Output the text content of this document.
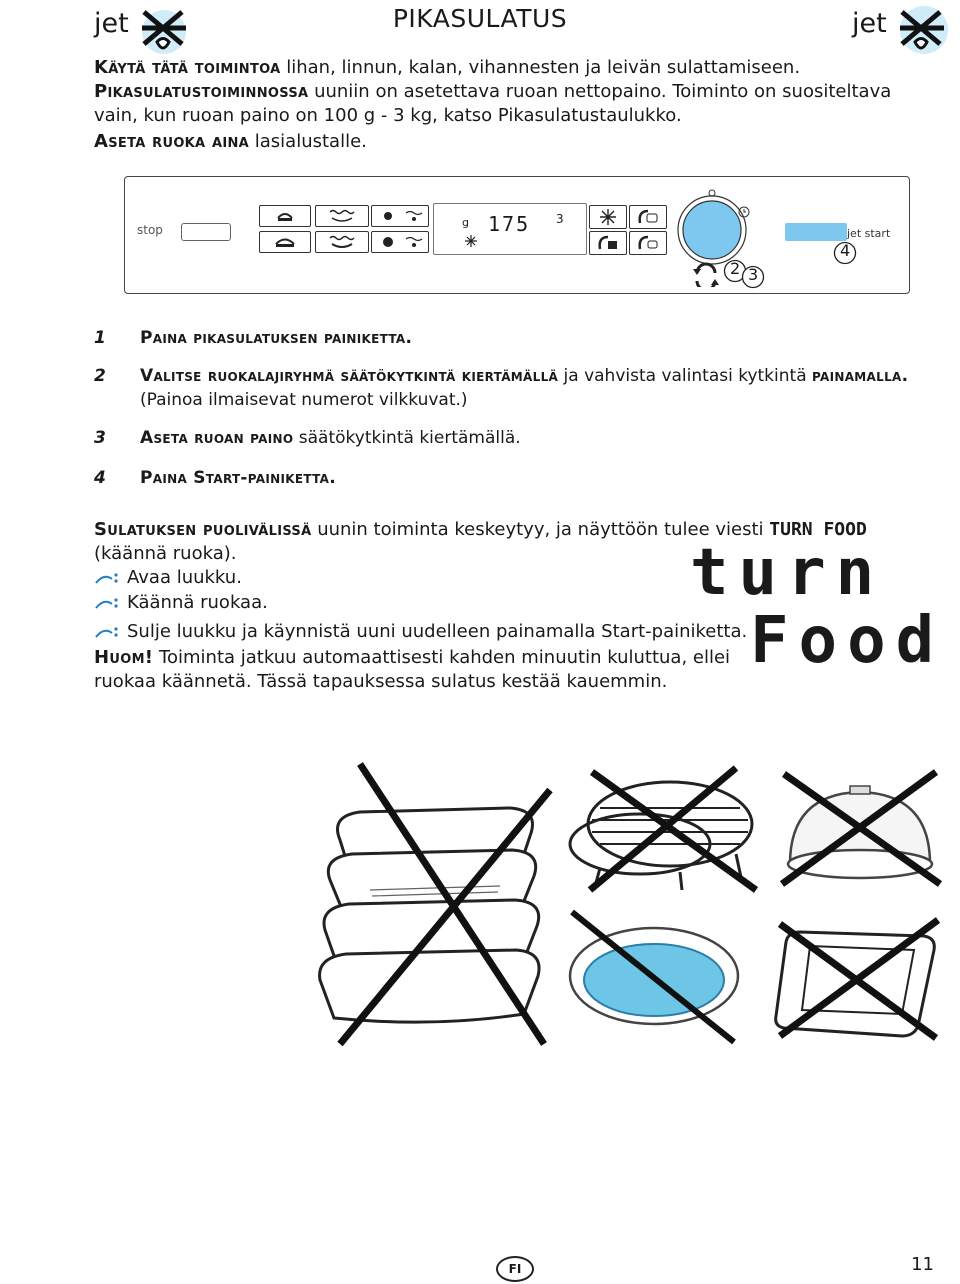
jet	PIKASULATUS	jet
Käytä tätä toimintoa lihan, linnun, kalan, vihannesten ja leivän sulattamiseen.
Pikasulatustoiminnossa uuniin on asetettava ruoan nettopaino. Toiminto on suositeltava vain, kun ruoan paino on 100 g - 3 kg, katso Pikasulatustaulukko.
Aseta ruoka aina lasialustalle.
stop
g 175 3
jet start
2 3
4
1	Paina pikasulatuksen painiketta.
2	Valitse ruokalajiryhmä säätökytkintä kiertämällä ja vahvista valintasi kytkintä painamalla. (Painoa ilmaisevat numerot vilkkuvat.)
3	Aseta ruoan paino säätökytkintä kiertämällä.
4	Paina Start-painiketta.
Sulatuksen puolivälissä uunin toiminta keskeytyy, ja näyttöön tulee viesti TURN FOOD (käännä ruoka).
Avaa luukku.
Käännä ruokaa.
Sulje luukku ja käynnistä uuni uudelleen painamalla Start-painiketta.
Huom! Toiminta jatkuu automaattisesti kahden minuutin kuluttua, ellei ruokaa käännetä. Tässä tapauksessa sulatus kestää kauemmin.
turn
Food
FI	11
